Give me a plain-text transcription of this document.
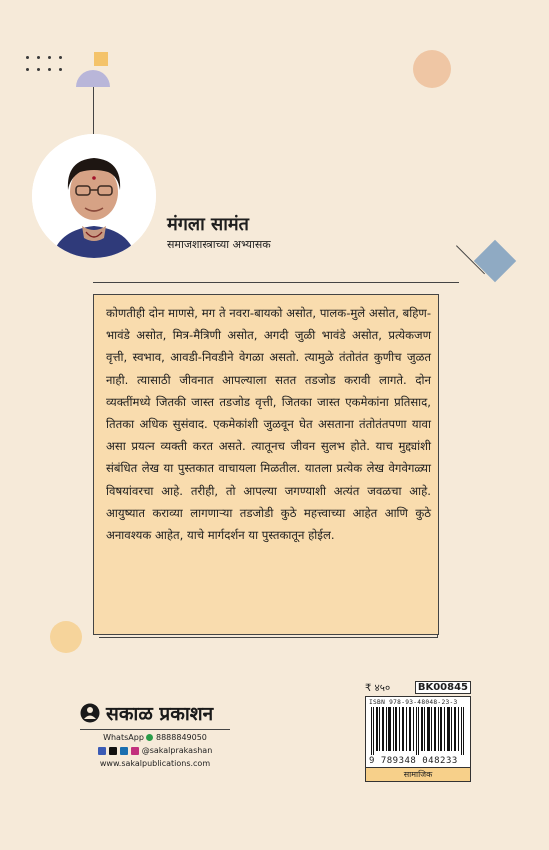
मंगला सामंत
समाजशास्त्राच्या अभ्यासक

कोणतीही दोन माणसे, मग ते नवरा-बायको असोत, पालक-मुले असोत, बहिण-भावंडे असोत, मित्र-मैत्रिणी असोत, अगदी जुळी भावंडे असोत, प्रत्येकजण वृत्ती, स्वभाव, आवडी-निवडीने वेगळा असतो. त्यामुळे तंतोतंत कुणीच जुळत नाही. त्यासाठी जीवनात आपल्याला सतत तडजोड करावी लागते. दोन व्यक्तींमध्ये जितकी जास्त तडजोड वृत्ती, जितका जास्त एकमेकांना प्रतिसाद, तितका अधिक सुसंवाद. एकमेकांशी जुळवून घेत असताना तंतोतंतपणा यावा असा प्रयत्न व्यक्ती करत असते. त्यातूनच जीवन सुलभ होते. याच मुद्द्यांशी संबंधित लेख या पुस्तकात वाचायला मिळतील. यातला प्रत्येक लेख वेगवेगळ्या विषयांवरचा आहे. तरीही, तो आपल्या जगण्याशी अत्यंत जवळचा आहे. आयुष्यात कराव्या लागणाऱ्या तडजोडी कुठे महत्त्वाच्या आहेत आणि कुठे अनावश्यक आहेत, याचे मार्गदर्शन या पुस्तकातून होईल.

सकाळ प्रकाशन
WhatsApp 8888849050
@sakalprakashan
www.sakalpublications.com
₹ ४५०	BK00845
ISBN 978-93-48048-23-3
9 789348 048233
सामाजिक
